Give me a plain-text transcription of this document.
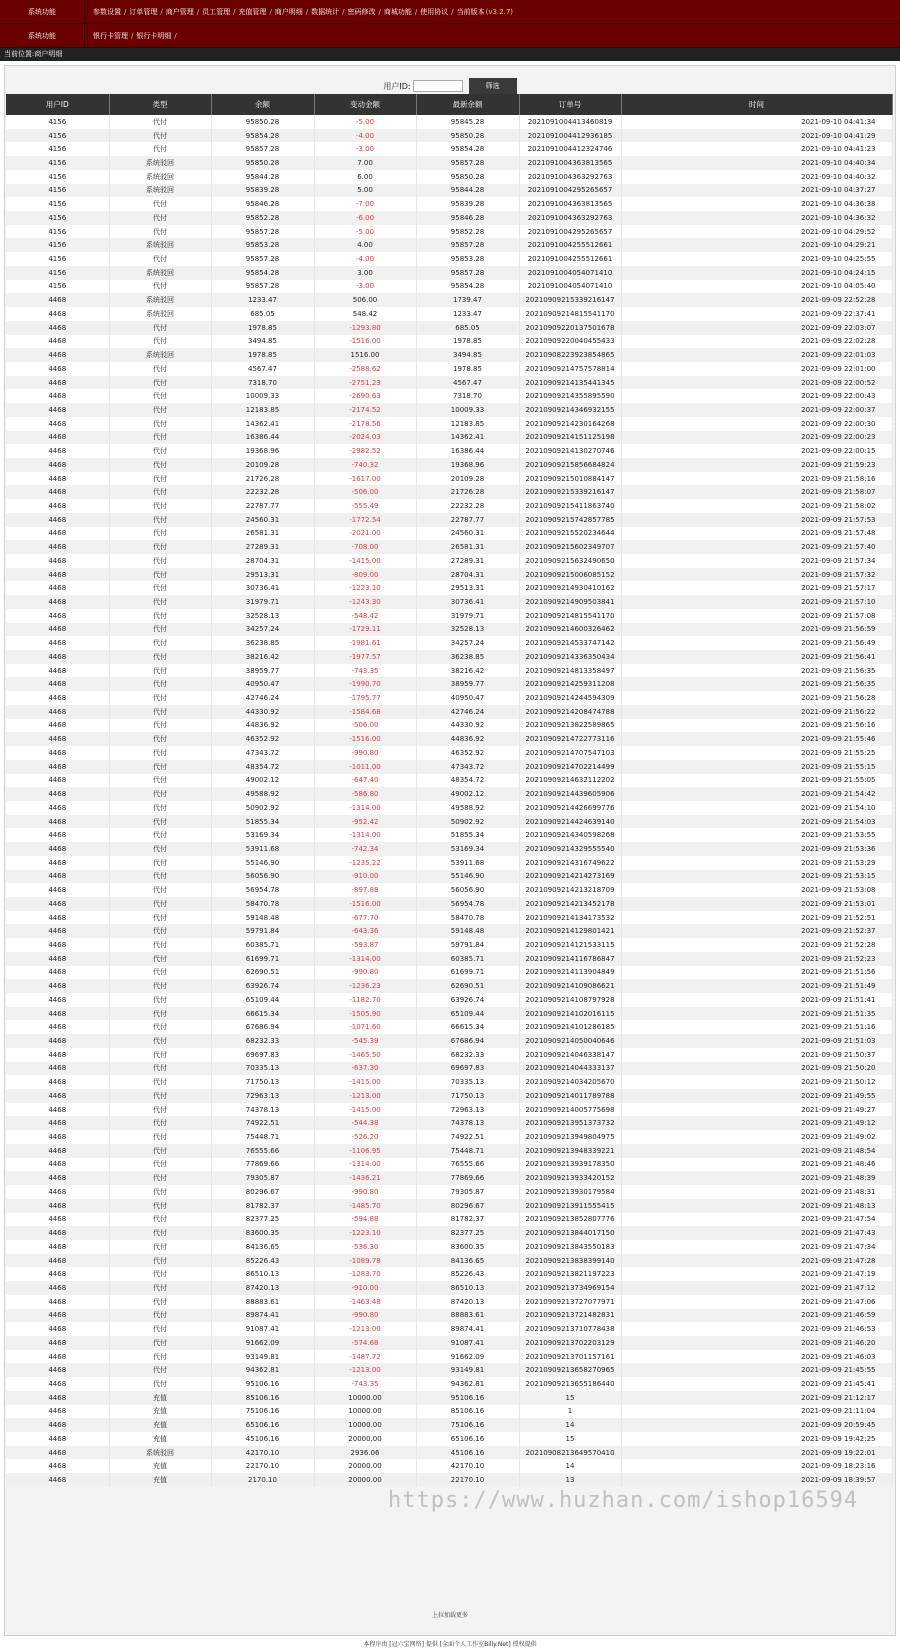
系统功能	参数设置 / 订单管理 / 商户管理 / 员工管理 / 充值管理 / 商户明细 / 数据统计 / 密码修改 / 商城功能 / 使用协议 / 当前版本 (v3.2.7)
系统功能	银行卡管理 / 银行卡明细 /
当前位置:商户明细
用户ID:	筛选
用户ID	类型	余额	变动金额	最新余额	订单号	时间
4156	代付	95850.28	-5.00	95845.28	2021091004413460819	2021-09-10 04:41:34
4156	代付	95854.28	-4.00	95850.28	2021091004412936185	2021-09-10 04:41:29
4156	代付	95857.28	-3.00	95854.28	2021091004412324746	2021-09-10 04:41:23
4156	系统驳回	95850.28	7.00	95857.28	2021091004363813565	2021-09-10 04:40:34
4156	系统驳回	95844.28	6.00	95850.28	2021091004363292763	2021-09-10 04:40:32
4156	系统驳回	95839.28	5.00	95844.28	2021091004295265657	2021-09-10 04:37:27
4156	代付	95846.28	-7.00	95839.28	2021091004363813565	2021-09-10 04:36:38
4156	代付	95852.28	-6.00	95846.28	2021091004363292763	2021-09-10 04:36:32
4156	代付	95857.28	-5.00	95852.28	2021091004295265657	2021-09-10 04:29:52
4156	系统驳回	95853.28	4.00	95857.28	2021091004255512661	2021-09-10 04:29:21
4156	代付	95857.28	-4.00	95853.28	2021091004255512661	2021-09-10 04:25:55
4156	系统驳回	95854.28	3.00	95857.28	2021091004054071410	2021-09-10 04:24:15
4156	代付	95857.28	-3.00	95854.28	2021091004054071410	2021-09-10 04:05:40
4468	系统驳回	1233.47	506.00	1739.47	20210909215339216147	2021-09-09 22:52:28
4468	系统驳回	685.05	548.42	1233.47	20210909214815541170	2021-09-09 22:37:41
4468	代付	1978.85	-1293.80	685.05	20210909220137501678	2021-09-09 22:03:07
4468	代付	3494.85	-1516.00	1978.85	20210909220040455433	2021-09-09 22:02:28
4468	系统驳回	1978.85	1516.00	3494.85	20210908223923854865	2021-09-09 22:01:03
4468	代付	4567.47	-2588.62	1978.85	20210909214757578814	2021-09-09 22:01:00
4468	代付	7318.70	-2751.23	4567.47	20210909214135441345	2021-09-09 22:00:52
4468	代付	10009.33	-2690.63	7318.70	20210909214355895590	2021-09-09 22:00:43
4468	代付	12183.85	-2174.52	10009.33	20210909214346932155	2021-09-09 22:00:37
4468	代付	14362.41	-2178.56	12183.85	20210909214230164268	2021-09-09 22:00:30
4468	代付	16386.44	-2024.03	14362.41	20210909214151125198	2021-09-09 22:00:23
4468	代付	19368.96	-2982.52	16386.44	20210909214130270746	2021-09-09 22:00:15
4468	代付	20109.28	-740.32	19368.96	20210909215856684824	2021-09-09 21:59:23
4468	代付	21726.28	-1617.00	20109.28	20210909215010884147	2021-09-09 21:58:16
4468	代付	22232.28	-506.00	21726.28	20210909215339216147	2021-09-09 21:58:07
4468	代付	22787.77	-555.49	22232.28	20210909215411863740	2021-09-09 21:58:02
4468	代付	24560.31	-1772.54	22787.77	20210909215742857785	2021-09-09 21:57:53
4468	代付	26581.31	-2021.00	24560.31	20210909215520234644	2021-09-09 21:57:48
4468	代付	27289.31	-708.00	26581.31	20210909215602349707	2021-09-09 21:57:40
4468	代付	28704.31	-1415.00	27289.31	20210909215632490650	2021-09-09 21:57:34
4468	代付	29513.31	-809.00	28704.31	20210909215006085152	2021-09-09 21:57:32
4468	代付	30736.41	-1223.10	29513.31	20210909214930410162	2021-09-09 21:57:17
4468	代付	31979.71	-1243.30	30736.41	20210909214909503841	2021-09-09 21:57:10
4468	代付	32528.13	-548.42	31979.71	20210909214815541170	2021-09-09 21:57:08
4468	代付	34257.24	-1729.11	32528.13	20210909214600326462	2021-09-09 21:56:59
4468	代付	36238.85	-1981.61	34257.24	20210909214533747142	2021-09-09 21:56:49
4468	代付	38216.42	-1977.57	36238.85	20210909214336350434	2021-09-09 21:56:41
4468	代付	38959.77	-743.35	38216.42	20210909214813358497	2021-09-09 21:56:35
4468	代付	40950.47	-1990.70	38959.77	20210909214259311208	2021-09-09 21:56:35
4468	代付	42746.24	-1795.77	40950.47	20210909214244594309	2021-09-09 21:56:28
4468	代付	44330.92	-1584.68	42746.24	20210909214208474788	2021-09-09 21:56:22
4468	代付	44836.92	-506.00	44330.92	20210909213822589865	2021-09-09 21:56:16
4468	代付	46352.92	-1516.00	44836.92	20210909214722773116	2021-09-09 21:55:46
4468	代付	47343.72	-990.80	46352.92	20210909214707547103	2021-09-09 21:55:25
4468	代付	48354.72	-1011.00	47343.72	20210909214702214499	2021-09-09 21:55:15
4468	代付	49002.12	-647.40	48354.72	20210909214632112202	2021-09-09 21:55:05
4468	代付	49588.92	-586.80	49002.12	20210909214439605906	2021-09-09 21:54:42
4468	代付	50902.92	-1314.00	49588.92	20210909214426699776	2021-09-09 21:54:10
4468	代付	51855.34	-952.42	50902.92	20210909214424639140	2021-09-09 21:54:03
4468	代付	53169.34	-1314.00	51855.34	20210909214340598268	2021-09-09 21:53:55
4468	代付	53911.68	-742.34	53169.34	20210909214329555540	2021-09-09 21:53:36
4468	代付	55146.90	-1235.22	53911.68	20210909214316749622	2021-09-09 21:53:29
4468	代付	56056.90	-910.00	55146.90	20210909214214273169	2021-09-09 21:53:15
4468	代付	56954.78	-897.88	56056.90	20210909214213218709	2021-09-09 21:53:08
4468	代付	58470.78	-1516.00	56954.78	20210909214213452178	2021-09-09 21:53:01
4468	代付	59148.48	-677.70	58470.78	20210909214134173532	2021-09-09 21:52:51
4468	代付	59791.84	-643.36	59148.48	20210909214129801421	2021-09-09 21:52:37
4468	代付	60385.71	-593.87	59791.84	20210909214121533115	2021-09-09 21:52:28
4468	代付	61699.71	-1314.00	60385.71	20210909214116786847	2021-09-09 21:52:23
4468	代付	62690.51	-990.80	61699.71	20210909214113904849	2021-09-09 21:51:56
4468	代付	63926.74	-1236.23	62690.51	20210909214109086621	2021-09-09 21:51:49
4468	代付	65109.44	-1182.70	63926.74	20210909214108797928	2021-09-09 21:51:41
4468	代付	66615.34	-1505.90	65109.44	20210909214102016115	2021-09-09 21:51:35
4468	代付	67686.94	-1071.60	66615.34	20210909214101286185	2021-09-09 21:51:16
4468	代付	68232.33	-545.39	67686.94	20210909214050040646	2021-09-09 21:51:03
4468	代付	69697.83	-1465.50	68232.33	20210909214046338147	2021-09-09 21:50:37
4468	代付	70335.13	-637.30	69697.83	20210909214044333137	2021-09-09 21:50:20
4468	代付	71750.13	-1415.00	70335.13	20210909214034205670	2021-09-09 21:50:12
4468	代付	72963.13	-1213.00	71750.13	20210909214011789788	2021-09-09 21:49:55
4468	代付	74378.13	-1415.00	72963.13	20210909214005775698	2021-09-09 21:49:27
4468	代付	74922.51	-544.38	74378.13	20210909213951373732	2021-09-09 21:49:12
4468	代付	75448.71	-526.20	74922.51	20210909213949804975	2021-09-09 21:49:02
4468	代付	76555.66	-1106.95	75448.71	20210909213948339221	2021-09-09 21:48:54
4468	代付	77869.66	-1314.00	76555.66	20210909213939178350	2021-09-09 21:48:46
4468	代付	79305.87	-1436.21	77869.66	20210909213933420152	2021-09-09 21:48:39
4468	代付	80296.67	-990.80	79305.87	20210909213930179584	2021-09-09 21:48:31
4468	代付	81782.37	-1485.70	80296.67	20210909213911555415	2021-09-09 21:48:13
4468	代付	82377.25	-594.88	81782.37	20210909213852807776	2021-09-09 21:47:54
4468	代付	83600.35	-1223.10	82377.25	20210909213844017150	2021-09-09 21:47:43
4468	代付	84136.65	-536.30	83600.35	20210909213843550183	2021-09-09 21:47:34
4468	代付	85226.43	-1089.78	84136.65	20210909213838399140	2021-09-09 21:47:28
4468	代付	86510.13	-1283.70	85226.43	20210909213821197223	2021-09-09 21:47:19
4468	代付	87420.13	-910.00	86510.13	20210909213734969154	2021-09-09 21:47:12
4468	代付	88883.61	-1463.48	87420.13	20210909213727077971	2021-09-09 21:47:06
4468	代付	89874.41	-990.80	88883.61	20210909213721482831	2021-09-09 21:46:59
4468	代付	91087.41	-1213.00	89874.41	20210909213710778438	2021-09-09 21:46:53
4468	代付	91662.09	-574.68	91087.41	20210909213702203129	2021-09-09 21:46:20
4468	代付	93149.81	-1487.72	91662.09	20210909213701157161	2021-09-09 21:46:03
4468	代付	94362.81	-1213.00	93149.81	20210909213658270965	2021-09-09 21:45:55
4468	代付	95106.16	-743.35	94362.81	20210909213655186440	2021-09-09 21:45:41
4468	充值	85106.16	10000.00	95106.16	15	2021-09-09 21:12:17
4468	充值	75106.16	10000.00	85106.16	1	2021-09-09 21:11:04
4468	充值	65106.16	10000.00	75106.16	14	2021-09-09 20:59:45
4468	充值	45106.16	20000.00	65106.16	15	2021-09-09 19:42:25
4468	系统驳回	42170.10	2936.06	45106.16	20210908213649570410	2021-09-09 19:22:01
4468	充值	22170.10	20000.00	42170.10	14	2021-09-09 18:23:16
4468	充值	2170.10	20000.00	22170.10	13	2021-09-09 18:39:57
上拉加载更多
本程序由 [冠六宝网络] 提供 [全面个人工作室Billy.Net] 授权提供
https://www.huzhan.com/ishop16594
